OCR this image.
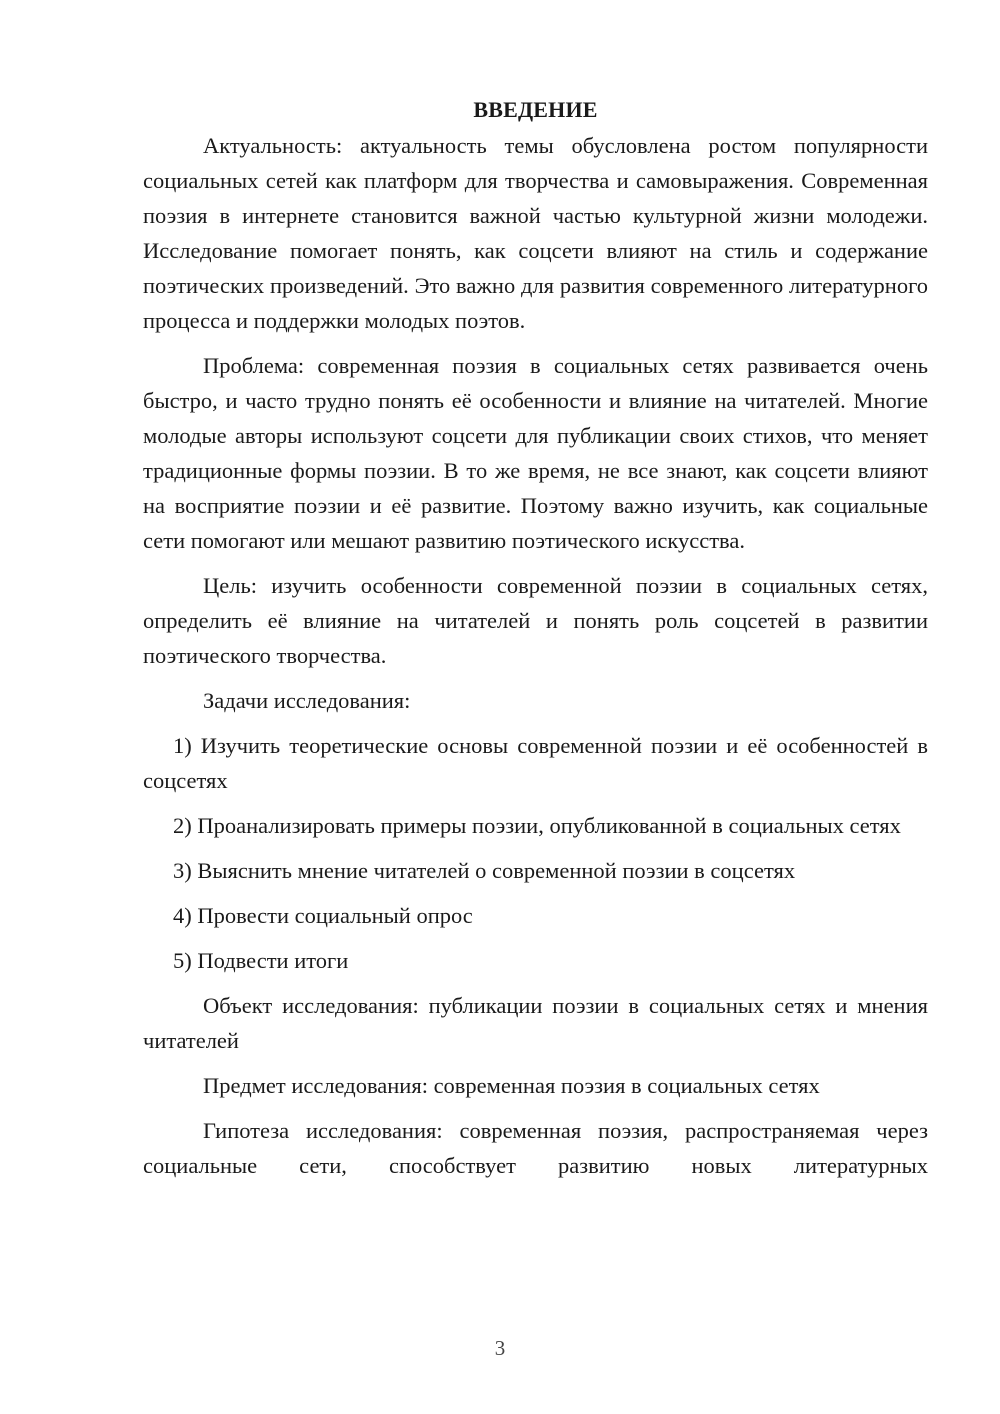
ВВЕДЕНИЕ

Актуальность: актуальность темы обусловлена ростом популярности социальных сетей как платформ для творчества и самовыражения. Современная поэзия в интернете становится важной частью культурной жизни молодежи. Исследование помогает понять, как соцсети влияют на стиль и содержание поэтических произведений. Это важно для развития современного литературного процесса и поддержки молодых поэтов.

Проблема: современная поэзия в социальных сетях развивается очень быстро, и часто трудно понять её особенности и влияние на читателей. Многие молодые авторы используют соцсети для публикации своих стихов, что меняет традиционные формы поэзии. В то же время, не все знают, как соцсети влияют на восприятие поэзии и её развитие. Поэтому важно изучить, как социальные сети помогают или мешают развитию поэтического искусства.

Цель: изучить особенности современной поэзии в социальных сетях, определить её влияние на читателей и понять роль соцсетей в развитии поэтического творчества.

Задачи исследования:

1) Изучить теоретические основы современной поэзии и её особенностей в соцсетях

2) Проанализировать примеры поэзии, опубликованной в социальных сетях

3) Выяснить мнение читателей о современной поэзии в соцсетях

4) Провести социальный опрос

5) Подвести итоги

Объект исследования: публикации поэзии в социальных сетях и мнения читателей

Предмет исследования: современная поэзия в социальных сетях

Гипотеза исследования: современная поэзия, распространяемая через социальные сети, способствует развитию новых литературных

3
